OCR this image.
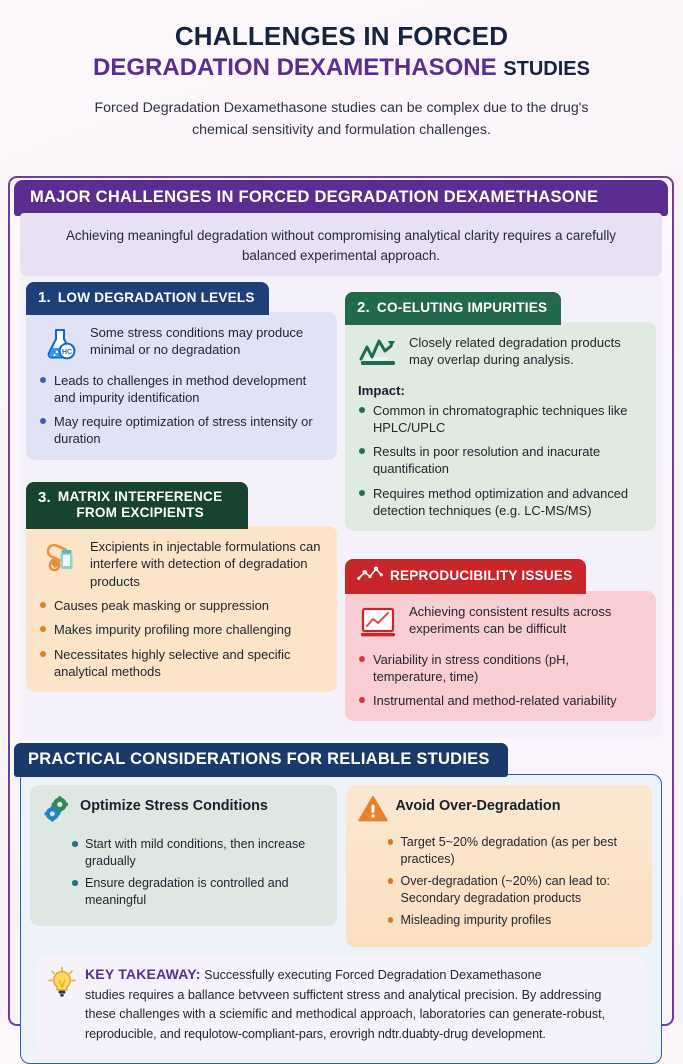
CHALLENGES IN FORCED
DEGRADATION DEXAMETHASONE STUDIES
Forced Degradation Dexamethasone studies can be complex due to the drug's
chemical sensitivity and formulation challenges.
MAJOR CHALLENGES IN FORCED DEGRADATION DEXAMETHASONE
Achieving meaningful degradation without compromising analytical clarity requires a carefully balanced experimental approach.
1. LOW DEGRADATION LEVELS
HC
Some stress conditions may produce minimal or no degradation
Leads to challenges in method development and impurity identification
May require optimization of stress intensity or duration
3. MATRIX INTERFERENCE
FROM EXCIPIENTS
Excipients in injectable formulations can interfere with detection of degradation products
Causes peak masking or suppression
Makes impurity profiling more challenging
Necessitates highly selective and specific analytical methods
2. CO-ELUTING IMPURITIES
Closely related degradation products may overlap during analysis.
Impact:
Common in chromatographic techniques like HPLC/UPLC
Results in poor resolution and inacurate quantification
Requires method optimization and advanced detection techniques (e.g. LC-MS/MS)
REPRODUCIBILITY ISSUES
Achieving consistent results across experiments can be difficult
Variability in stress conditions (pH, temperature, time)
Instrumental and method-related variability
PRACTICAL CONSIDERATIONS FOR RELIABLE STUDIES
Optimize Stress Conditions
Start with mild conditions, then increase gradually
Ensure degradation is controlled and meaningful
Avoid Over-Degradation
Target 5~20% degradation (as per best practices)
Over-degradation (~20%) can lead to:
Secondary degradation products
Misleading impurity profiles
KEY TAKEAWAY: Successfully executing Forced Degradation Dexamethasone
studies requires a ballance betvveen suffictent stress and analytical precision. By addressing
these challenges with a sciemific and methodical approach, laboratories can generate-robust,
reproducible, and requlotow-compliant-pars, erovrigh ndtr.duabty-drug development.
